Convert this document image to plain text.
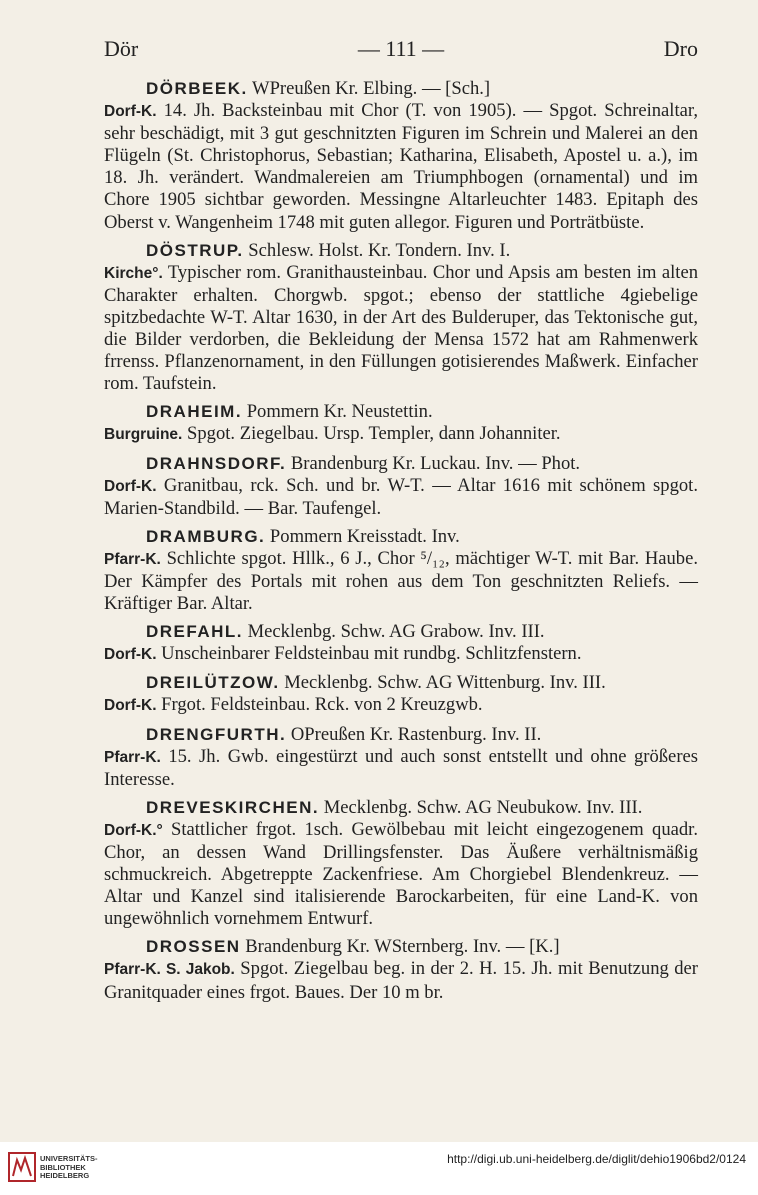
Dör	— 111 —	Dro

DÖRBEEK. WPreußen Kr. Elbing. — [Sch.]

Dorf-K. 14. Jh. Backsteinbau mit Chor (T. von 1905). — Spgot. Schreinaltar, sehr beschädigt, mit 3 gut geschnitzten Figuren im Schrein und Malerei an den Flügeln (St. Christophorus, Sebastian; Katharina, Elisabeth, Apostel u. a.), im 18. Jh. verändert. Wandmalereien am Triumphbogen (ornamental) und im Chore 1905 sichtbar geworden. Messingne Altarleuchter 1483. Epitaph des Oberst v. Wangenheim 1748 mit guten allegor. Figuren und Porträtbüste.

DÖSTRUP. Schlesw. Holst. Kr. Tondern. Inv. I.

Kirche°. Typischer rom. Granithausteinbau. Chor und Apsis am besten im alten Charakter erhalten. Chorgwb. spgot.; ebenso der stattliche 4giebelige spitzbedachte W-T. Altar 1630, in der Art des Bulderuper, das Tektonische gut, die Bilder verdorben, die Bekleidung der Mensa 1572 hat am Rahmenwerk frrenss. Pflanzenornament, in den Füllungen gotisierendes Maßwerk. Einfacher rom. Taufstein.

DRAHEIM. Pommern Kr. Neustettin.

Burgruine. Spgot. Ziegelbau. Ursp. Templer, dann Johanniter.

DRAHNSDORF. Brandenburg Kr. Luckau. Inv. — Phot.

Dorf-K. Granitbau, rck. Sch. und br. W-T. — Altar 1616 mit schönem spgot. Marien-Standbild. — Bar. Taufengel.

DRAMBURG. Pommern Kreisstadt. Inv.

Pfarr-K. Schlichte spgot. Hllk., 6 J., Chor ⁵/₁₂, mächtiger W-T. mit Bar. Haube. Der Kämpfer des Portals mit rohen aus dem Ton geschnitzten Reliefs. — Kräftiger Bar. Altar.

DREFAHL. Mecklenbg. Schw. AG Grabow. Inv. III.

Dorf-K. Unscheinbarer Feldsteinbau mit rundbg. Schlitzfenstern.

DREILÜTZOW. Mecklenbg. Schw. AG Wittenburg. Inv. III.

Dorf-K. Frgot. Feldsteinbau. Rck. von 2 Kreuzgwb.

DRENGFURTH. OPreußen Kr. Rastenburg. Inv. II.

Pfarr-K. 15. Jh. Gwb. eingestürzt und auch sonst entstellt und ohne größeres Interesse.

DREVESKIRCHEN. Mecklenbg. Schw. AG Neubukow. Inv. III.

Dorf-K.° Stattlicher frgot. 1sch. Gewölbebau mit leicht eingezogenem quadr. Chor, an dessen Wand Drillingsfenster. Das Äußere verhältnismäßig schmuckreich. Abgetreppte Zackenfriese. Am Chorgiebel Blendenkreuz. — Altar und Kanzel sind italisierende Barockarbeiten, für eine Land-K. von ungewöhnlich vornehmem Entwurf.

DROSSEN Brandenburg Kr. WSternberg. Inv. — [K.]

Pfarr-K. S. Jakob. Spgot. Ziegelbau beg. in der 2. H. 15. Jh. mit Benutzung der Granitquader eines frgot. Baues. Der 10 m br.

UNIVERSITÄTS-
BIBLIOTHEK
HEIDELBERG
http://digi.ub.uni-heidelberg.de/diglit/dehio1906bd2/0124
